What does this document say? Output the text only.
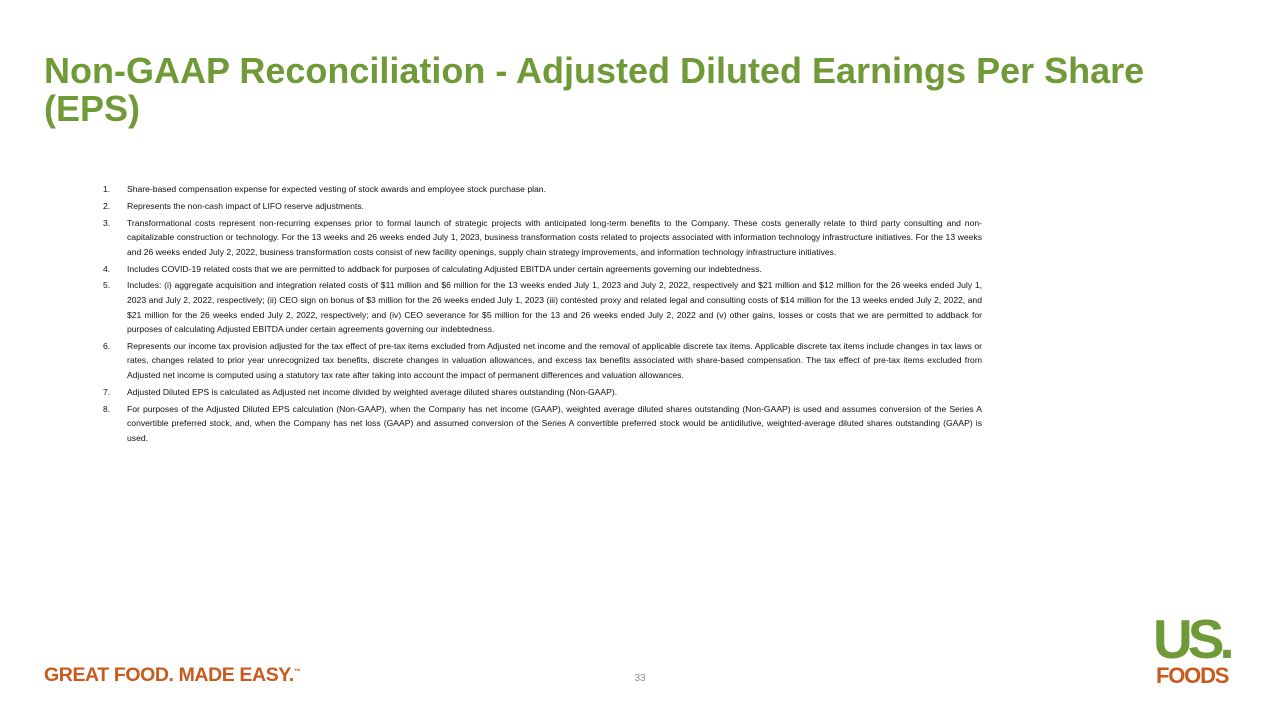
Non-GAAP Reconciliation - Adjusted Diluted Earnings Per Share (EPS)
1. Share-based compensation expense for expected vesting of stock awards and employee stock purchase plan.
2. Represents the non-cash impact of LIFO reserve adjustments.
3. Transformational costs represent non-recurring expenses prior to formal launch of strategic projects with anticipated long-term benefits to the Company. These costs generally relate to third party consulting and non-capitalizable construction or technology. For the 13 weeks and 26 weeks ended July 1, 2023, business transformation costs related to projects associated with information technology infrastructure initiatives. For the 13 weeks and 26 weeks ended July 2, 2022, business transformation costs consist of new facility openings, supply chain strategy improvements, and information technology infrastructure initiatives.
4. Includes COVID-19 related costs that we are permitted to addback for purposes of calculating Adjusted EBITDA under certain agreements governing our indebtedness.
5. Includes: (i) aggregate acquisition and integration related costs of $11 million and $6 million for the 13 weeks ended July 1, 2023 and July 2, 2022, respectively and $21 million and $12 million for the 26 weeks ended July 1, 2023 and July 2, 2022, respectively; (ii) CEO sign on bonus of $3 million for the 26 weeks ended July 1, 2023 (iii) contested proxy and related legal and consulting costs of $14 million for the 13 weeks ended July 2, 2022, and $21 million for the 26 weeks ended July 2, 2022, respectively; and (iv) CEO severance for $5 million for the 13 and 26 weeks ended July 2, 2022 and (v) other gains, losses or costs that we are permitted to addback for purposes of calculating Adjusted EBITDA under certain agreements governing our indebtedness.
6. Represents our income tax provision adjusted for the tax effect of pre-tax items excluded from Adjusted net income and the removal of applicable discrete tax items. Applicable discrete tax items include changes in tax laws or rates, changes related to prior year unrecognized tax benefits, discrete changes in valuation allowances, and excess tax benefits associated with share-based compensation. The tax effect of pre-tax items excluded from Adjusted net income is computed using a statutory tax rate after taking into account the impact of permanent differences and valuation allowances.
7. Adjusted Diluted EPS is calculated as Adjusted net income divided by weighted average diluted shares outstanding (Non-GAAP).
8. For purposes of the Adjusted Diluted EPS calculation (Non-GAAP), when the Company has net income (GAAP), weighted average diluted shares outstanding (Non-GAAP) is used and assumes conversion of the Series A convertible preferred stock, and, when the Company has net loss (GAAP) and assumed conversion of the Series A convertible preferred stock would be antidilutive, weighted-average diluted shares outstanding (GAAP) is used.
GREAT FOOD. MADE EASY.™
33
US.
FOODS
